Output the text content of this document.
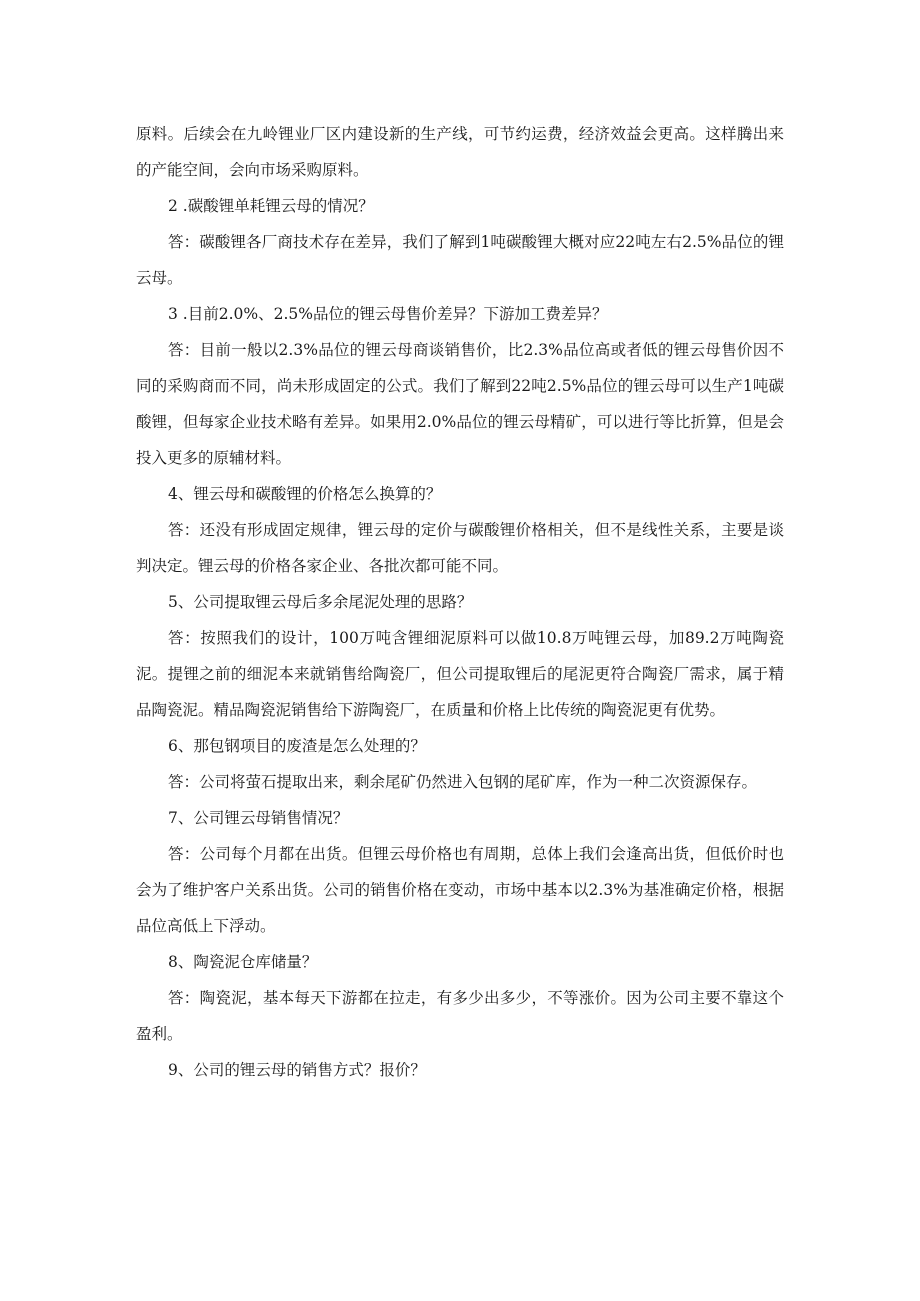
原料。后续会在九岭锂业厂区内建设新的生产线，可节约运费，经济效益会更高。这样腾出来的产能空间，会向市场采购原料。

2 .碳酸锂单耗锂云母的情况？

答：碳酸锂各厂商技术存在差异，我们了解到1吨碳酸锂大概对应22吨左右2.5%品位的锂云母。

3 .目前2.0%、2.5%品位的锂云母售价差异？下游加工费差异？

答：目前一般以2.3%品位的锂云母商谈销售价，比2.3%品位高或者低的锂云母售价因不同的采购商而不同，尚未形成固定的公式。我们了解到22吨2.5%品位的锂云母可以生产1吨碳酸锂，但每家企业技术略有差异。如果用2.0%品位的锂云母精矿，可以进行等比折算，但是会投入更多的原辅材料。

4、锂云母和碳酸锂的价格怎么换算的？

答：还没有形成固定规律，锂云母的定价与碳酸锂价格相关，但不是线性关系，主要是谈判决定。锂云母的价格各家企业、各批次都可能不同。

5、公司提取锂云母后多余尾泥处理的思路？

答：按照我们的设计，100万吨含锂细泥原料可以做10.8万吨锂云母，加89.2万吨陶瓷泥。提锂之前的细泥本来就销售给陶瓷厂，但公司提取锂后的尾泥更符合陶瓷厂需求，属于精品陶瓷泥。精品陶瓷泥销售给下游陶瓷厂，在质量和价格上比传统的陶瓷泥更有优势。

6、那包钢项目的废渣是怎么处理的？

答：公司将萤石提取出来，剩余尾矿仍然进入包钢的尾矿库，作为一种二次资源保存。

7、公司锂云母销售情况？

答：公司每个月都在出货。但锂云母价格也有周期，总体上我们会逢高出货，但低价时也会为了维护客户关系出货。公司的销售价格在变动，市场中基本以2.3%为基准确定价格，根据品位高低上下浮动。

8、陶瓷泥仓库储量？

答：陶瓷泥，基本每天下游都在拉走，有多少出多少，不等涨价。因为公司主要不靠这个盈利。

9、公司的锂云母的销售方式？报价？
